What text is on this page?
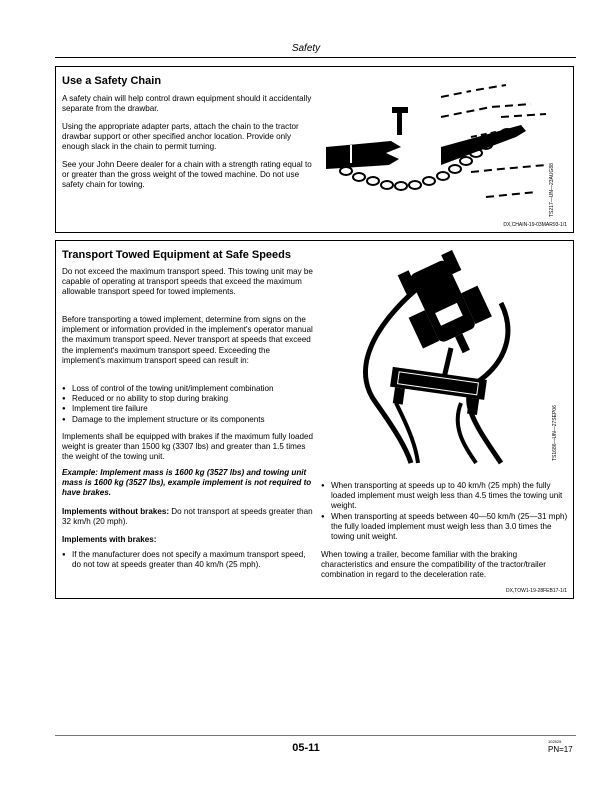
Safety
Use a Safety Chain

A safety chain will help control drawn equipment should it accidentally separate from the drawbar.

Using the appropriate adapter parts, attach the chain to the tractor drawbar support or other specified anchor location. Provide only enough slack in the chain to permit turning.

See your John Deere dealer for a chain with a strength rating equal to or greater than the gross weight of the towed machine. Do not use safety chain for towing.	TS217—UN—23AUG88
DX,CHAIN-19-03MAR93-1/1
Transport Towed Equipment at Safe Speeds

Do not exceed the maximum transport speed. This towing unit may be capable of operating at transport speeds that exceed the maximum allowable transport speed for towed implements.

Before transporting a towed implement, determine from signs on the implement or information provided in the implement's operator manual the maximum transport speed. Never transport at speeds that exceed the implement's maximum transport speed. Exceeding the implement's maximum transport speed can result in:

● Loss of control of the towing unit/implement combination
● Reduced or no ability to stop during braking
● Implement tire failure
● Damage to the implement structure or its components

Implements shall be equipped with brakes if the maximum fully loaded weight is greater than 1500 kg (3307 lbs) and greater than 1.5 times the weight of the towing unit.

Example: Implement mass is 1600 kg (3527 lbs) and towing unit mass is 1600 kg (3527 lbs), example implement is not required to have brakes.

Implements without brakes: Do not transport at speeds greater than 32 km/h (20 mph).

Implements with brakes:

● If the manufacturer does not specify a maximum transport speed, do not tow at speeds greater than 40 km/h (25 mph).
● When transporting at speeds up to 40 km/h (25 mph) the fully loaded implement must weigh less than 4.5 times the towing unit weight.
● When transporting at speeds between 40—50 km/h (25—31 mph) the fully loaded implement must weigh less than 3.0 times the towing unit weight.

When towing a trailer, become familiar with the braking characteristics and ensure the compatibility of the tractor/trailer combination in regard to the deceleration rate.

TS1686—UN—27SEP06
DX,TOW1-19-28FEB17-1/1
05-11
102525
PN=17
